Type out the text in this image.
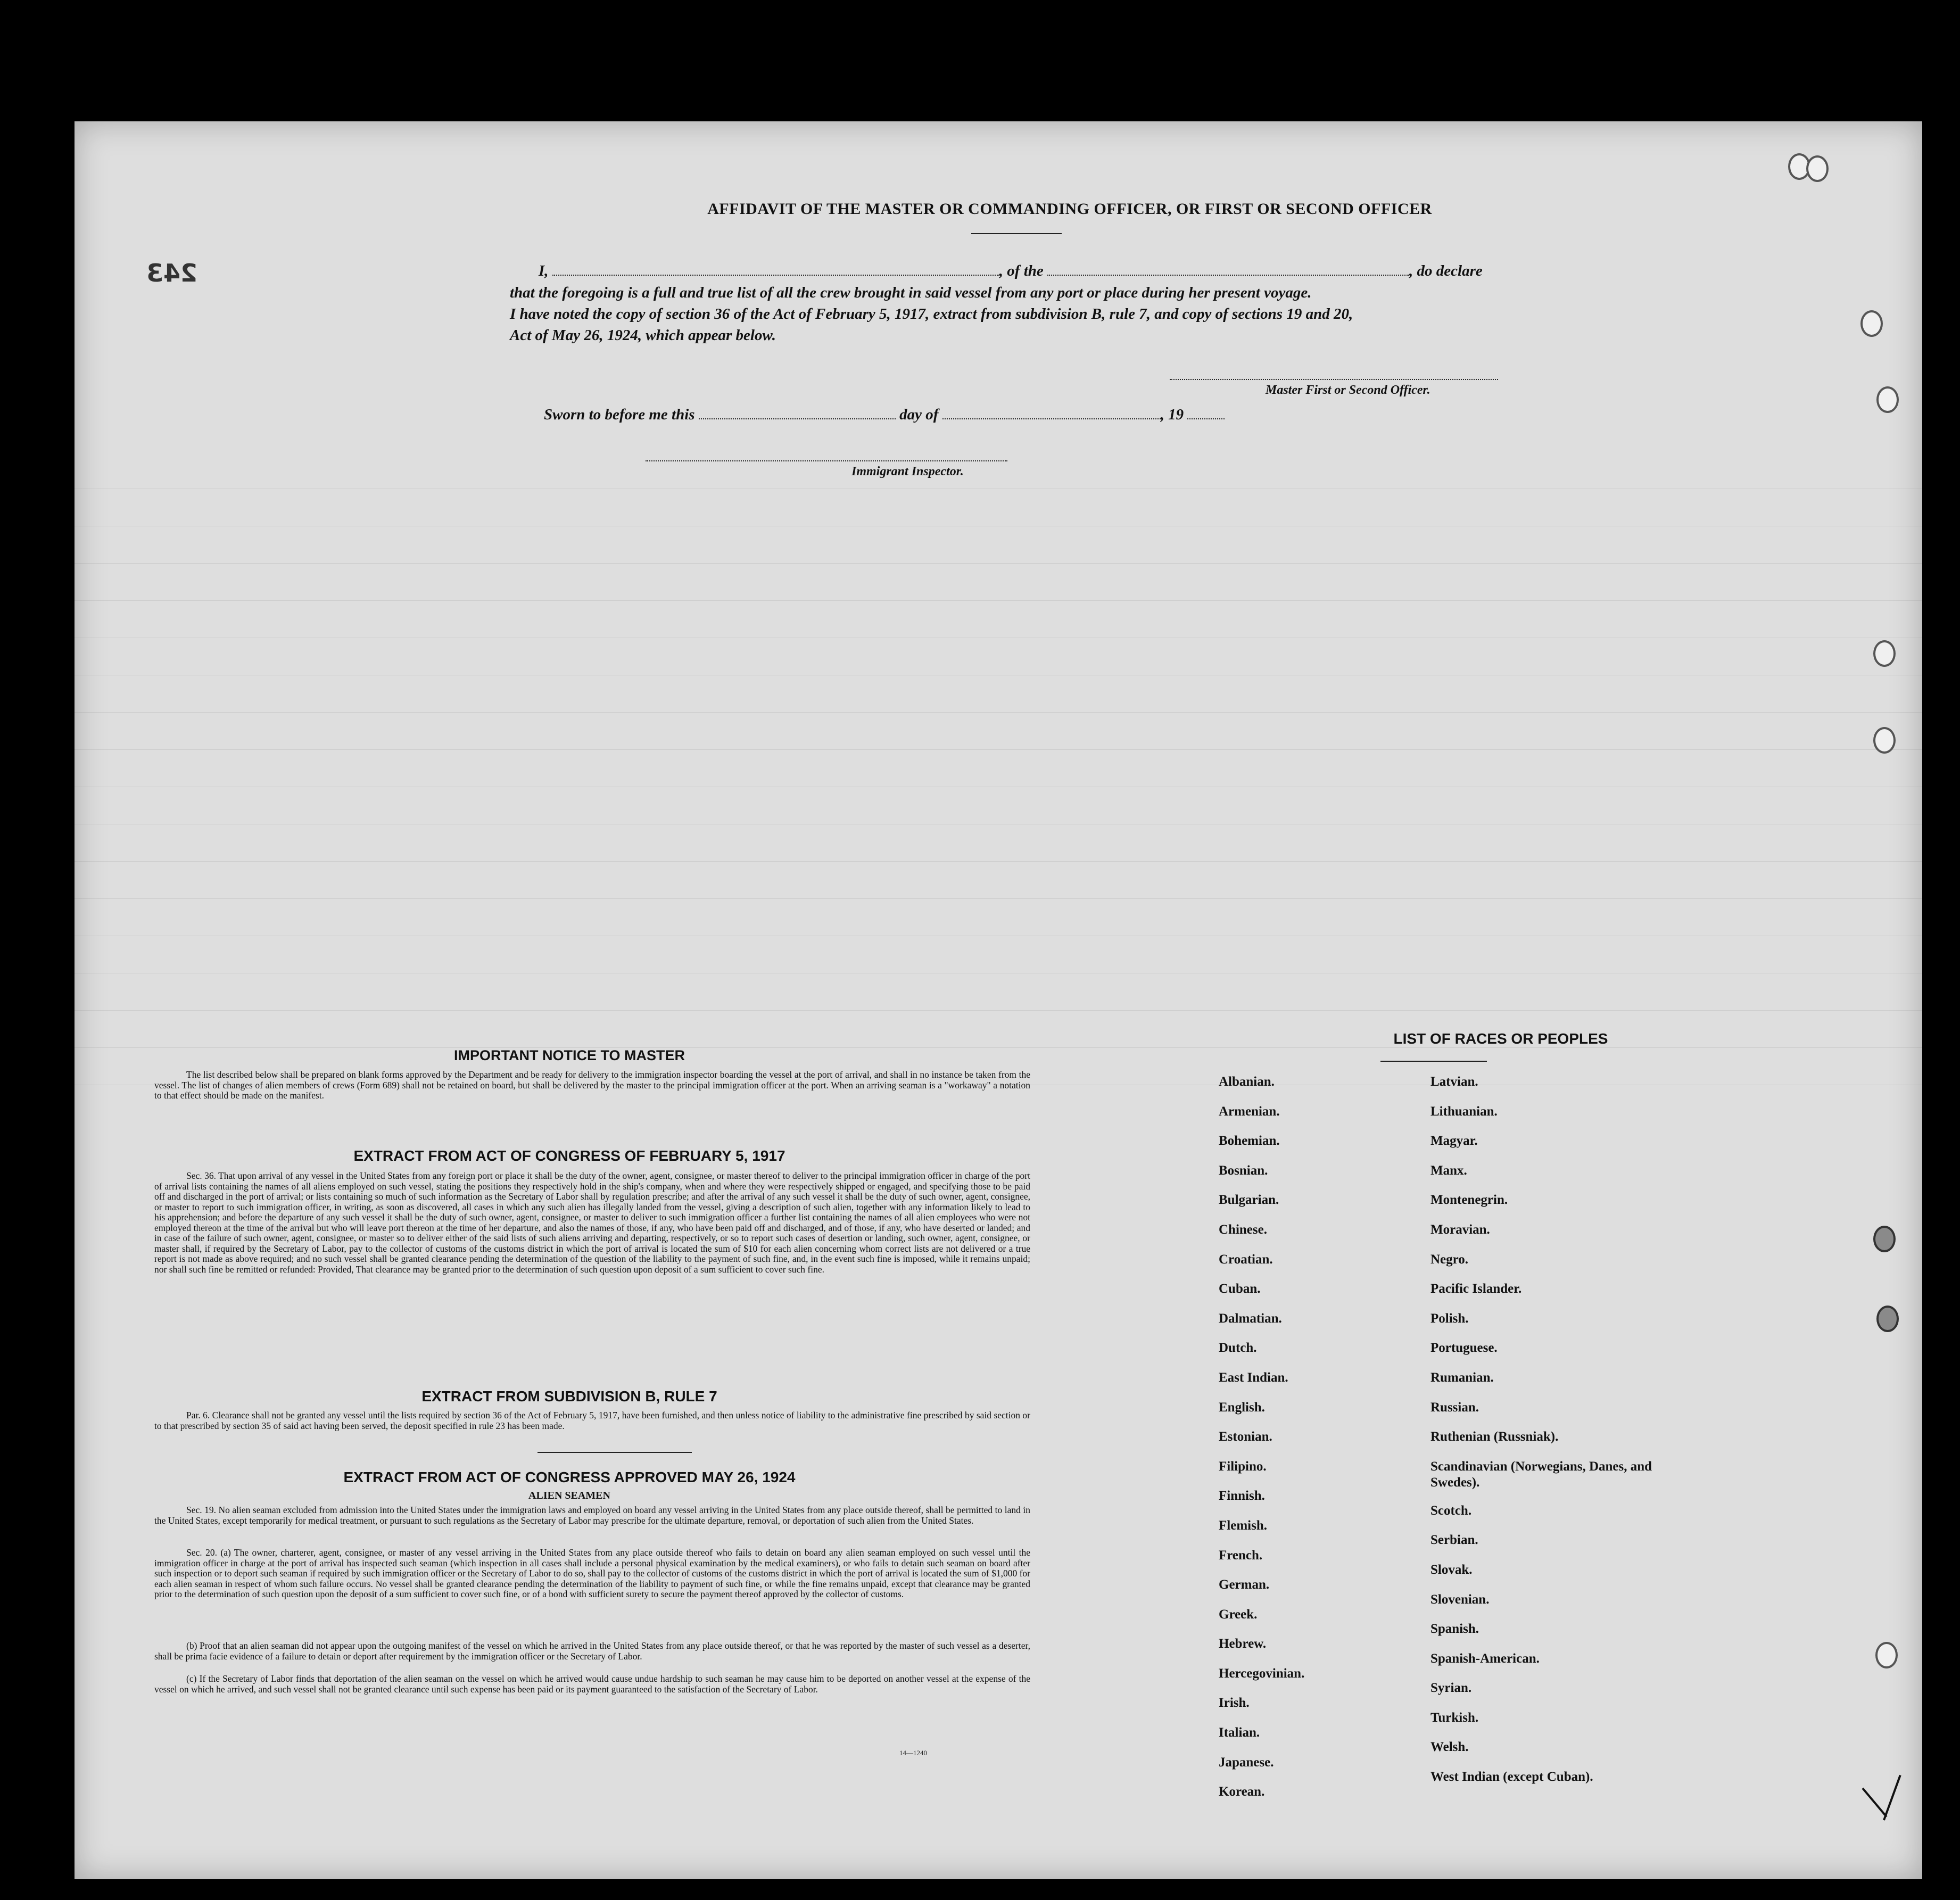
243
AFFIDAVIT OF THE MASTER OR COMMANDING OFFICER, OR FIRST OR SECOND OFFICER
I,	, of the	, do declare
that the foregoing is a full and true list of all the crew brought in said vessel from any port or place during her present voyage.
I have noted the copy of section 36 of the Act of February 5, 1917, extract from subdivision B, rule 7, and copy of sections 19 and 20,
Act of May 26, 1924, which appear below.
Master First or Second Officer.
Sworn to before me this	day of	, 19
Immigrant Inspector.
IMPORTANT NOTICE TO MASTER
The list described below shall be prepared on blank forms approved by the Department and be ready for delivery to the immigration inspector boarding the vessel at the port of arrival, and shall in no instance be taken from the vessel. The list of changes of alien members of crews (Form 689) shall not be retained on board, but shall be delivered by the master to the principal immigration officer at the port. When an arriving seaman is a "workaway" a notation to that effect should be made on the manifest.
EXTRACT FROM ACT OF CONGRESS OF FEBRUARY 5, 1917
Sec. 36. That upon arrival of any vessel in the United States from any foreign port or place it shall be the duty of the owner, agent, consignee, or master thereof to deliver to the principal immigration officer in charge of the port of arrival lists containing the names of all aliens employed on such vessel, stating the positions they respectively hold in the ship's company, when and where they were respectively shipped or engaged, and specifying those to be paid off and discharged in the port of arrival; or lists containing so much of such information as the Secretary of Labor shall by regulation prescribe; and after the arrival of any such vessel it shall be the duty of such owner, agent, consignee, or master to report to such immigration officer, in writing, as soon as discovered, all cases in which any such alien has illegally landed from the vessel, giving a description of such alien, together with any information likely to lead to his apprehension; and before the departure of any such vessel it shall be the duty of such owner, agent, consignee, or master to deliver to such immigration officer a further list containing the names of all alien employees who were not employed thereon at the time of the arrival but who will leave port thereon at the time of her departure, and also the names of those, if any, who have been paid off and discharged, and of those, if any, who have deserted or landed; and in case of the failure of such owner, agent, consignee, or master so to deliver either of the said lists of such aliens arriving and departing, respectively, or so to report such cases of desertion or landing, such owner, agent, consignee, or master shall, if required by the Secretary of Labor, pay to the collector of customs of the customs district in which the port of arrival is located the sum of $10 for each alien concerning whom correct lists are not delivered or a true report is not made as above required; and no such vessel shall be granted clearance pending the determination of the question of the liability to the payment of such fine, and, in the event such fine is imposed, while it remains unpaid; nor shall such fine be remitted or refunded: Provided, That clearance may be granted prior to the determination of such question upon deposit of a sum sufficient to cover such fine.
EXTRACT FROM SUBDIVISION B, RULE 7
Par. 6. Clearance shall not be granted any vessel until the lists required by section 36 of the Act of February 5, 1917, have been furnished, and then unless notice of liability to the administrative fine prescribed by said section or to that prescribed by section 35 of said act having been served, the deposit specified in rule 23 has been made.
EXTRACT FROM ACT OF CONGRESS APPROVED MAY 26, 1924
ALIEN SEAMEN
Sec. 19. No alien seaman excluded from admission into the United States under the immigration laws and employed on board any vessel arriving in the United States from any place outside thereof, shall be permitted to land in the United States, except temporarily for medical treatment, or pursuant to such regulations as the Secretary of Labor may prescribe for the ultimate departure, removal, or deportation of such alien from the United States.
Sec. 20. (a) The owner, charterer, agent, consignee, or master of any vessel arriving in the United States from any place outside thereof who fails to detain on board any alien seaman employed on such vessel until the immigration officer in charge at the port of arrival has inspected such seaman (which inspection in all cases shall include a personal physical examination by the medical examiners), or who fails to detain such seaman on board after such inspection or to deport such seaman if required by such immigration officer or the Secretary of Labor to do so, shall pay to the collector of customs of the customs district in which the port of arrival is located the sum of $1,000 for each alien seaman in respect of whom such failure occurs. No vessel shall be granted clearance pending the determination of the liability to payment of such fine, or while the fine remains unpaid, except that clearance may be granted prior to the determination of such question upon the deposit of a sum sufficient to cover such fine, or of a bond with sufficient surety to secure the payment thereof approved by the collector of customs.
(b) Proof that an alien seaman did not appear upon the outgoing manifest of the vessel on which he arrived in the United States from any place outside thereof, or that he was reported by the master of such vessel as a deserter, shall be prima facie evidence of a failure to detain or deport after requirement by the immigration officer or the Secretary of Labor.
(c) If the Secretary of Labor finds that deportation of the alien seaman on the vessel on which he arrived would cause undue hardship to such seaman he may cause him to be deported on another vessel at the expense of the vessel on which he arrived, and such vessel shall not be granted clearance until such expense has been paid or its payment guaranteed to the satisfaction of the Secretary of Labor.
14—1240
LIST OF RACES OR PEOPLES
Albanian.
Armenian.
Bohemian.
Bosnian.
Bulgarian.
Chinese.
Croatian.
Cuban.
Dalmatian.
Dutch.
East Indian.
English.
Estonian.
Filipino.
Finnish.
Flemish.
French.
German.
Greek.
Hebrew.
Hercegovinian.
Irish.
Italian.
Japanese.
Korean.
Latvian.
Lithuanian.
Magyar.
Manx.
Montenegrin.
Moravian.
Negro.
Pacific Islander.
Polish.
Portuguese.
Rumanian.
Russian.
Ruthenian (Russniak).
Scandinavian (Norwegians, Danes, and Swedes).
Scotch.
Serbian.
Slovak.
Slovenian.
Spanish.
Spanish-American.
Syrian.
Turkish.
Welsh.
West Indian (except Cuban).
